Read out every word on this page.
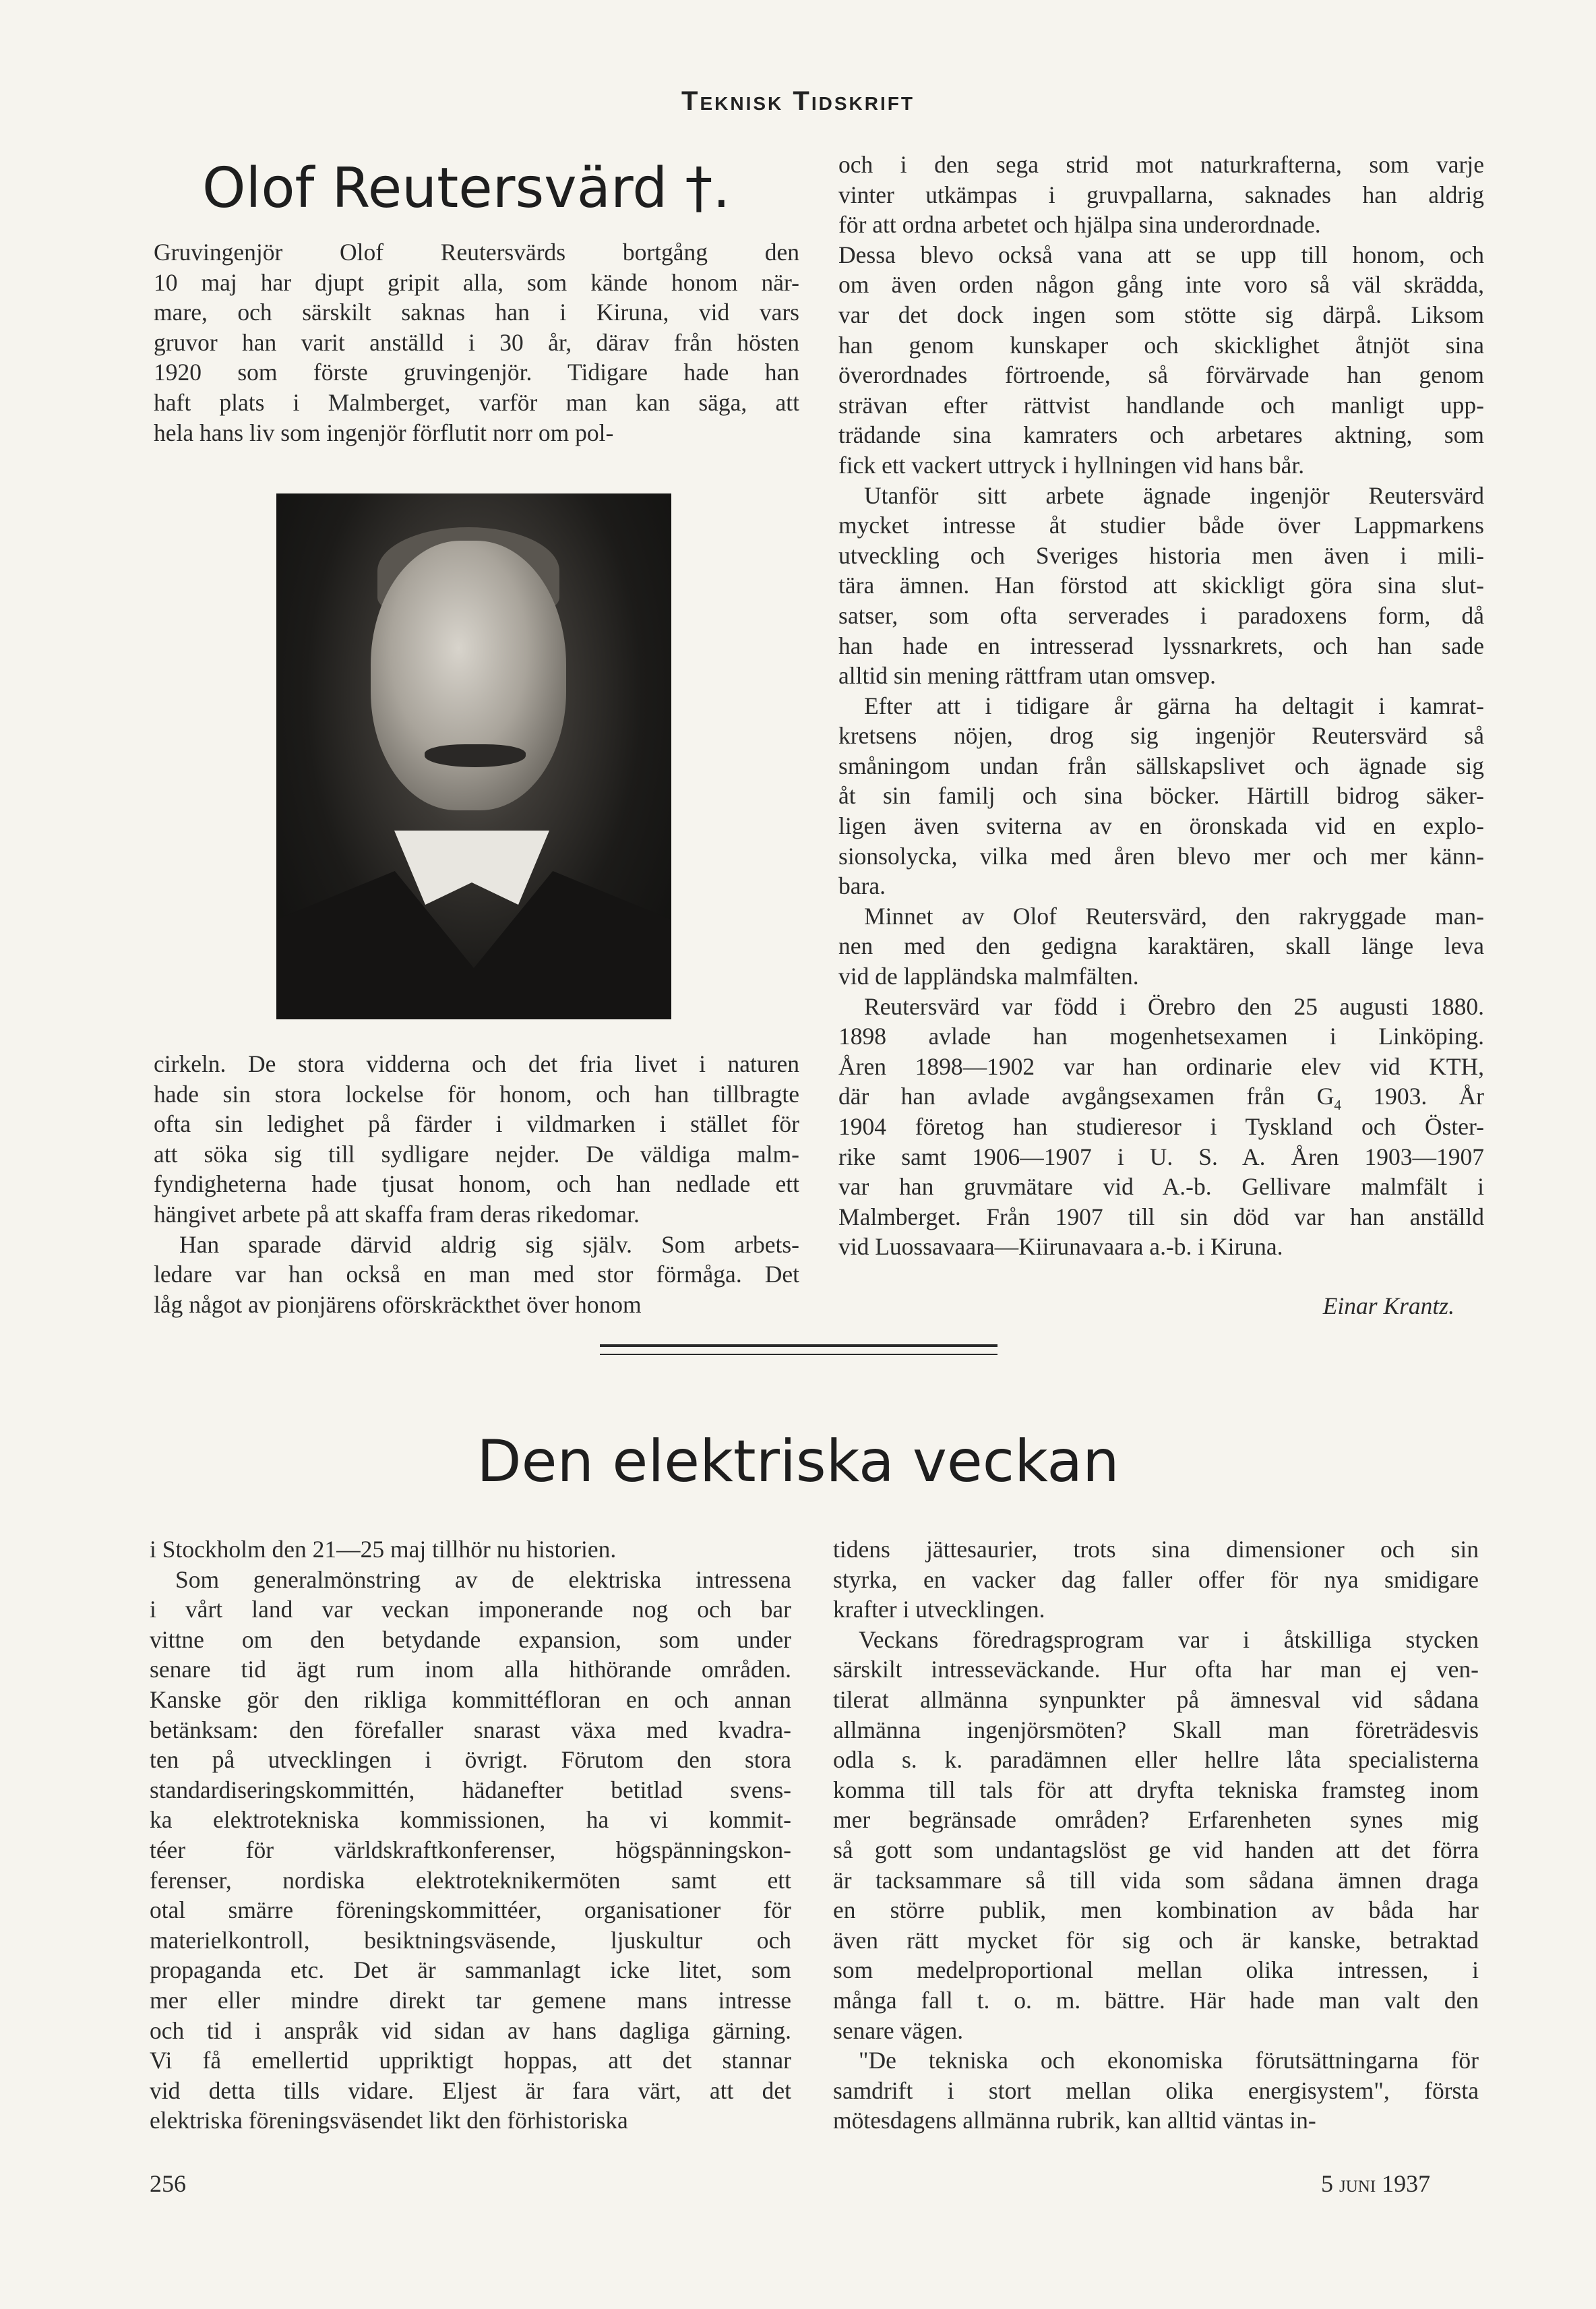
Teknisk Tidskrift
Olof Reutersvärd †.

Gruvingenjör Olof Reutersvärds bortgång den

10 maj har djupt gripit alla, som kände honom när-

mare, och särskilt saknas han i Kiruna, vid vars

gruvor han varit anställd i 30 år, därav från hösten

1920 som förste gruvingenjör. Tidigare hade han

haft plats i Malmberget, varför man kan säga, att

hela hans liv som ingenjör förflutit norr om pol-

cirkeln. De stora vidderna och det fria livet i naturen

hade sin stora lockelse för honom, och han tillbragte

ofta sin ledighet på färder i vildmarken i stället för

att söka sig till sydligare nejder. De väldiga malm-

fyndigheterna hade tjusat honom, och han nedlade ett

hängivet arbete på att skaffa fram deras rikedomar.

Han sparade därvid aldrig sig själv. Som arbets-

ledare var han också en man med stor förmåga. Det

låg något av pionjärens oförskräckthet över honom

och i den sega strid mot naturkrafterna, som varje

vinter utkämpas i gruvpallarna, saknades han aldrig

för att ordna arbetet och hjälpa sina underordnade.

Dessa blevo också vana att se upp till honom, och

om även orden någon gång inte voro så väl skrädda,

var det dock ingen som stötte sig därpå. Liksom

han genom kunskaper och skicklighet åtnjöt sina

överordnades förtroende, så förvärvade han genom

strävan efter rättvist handlande och manligt upp-

trädande sina kamraters och arbetares aktning, som

fick ett vackert uttryck i hyllningen vid hans bår.

Utanför sitt arbete ägnade ingenjör Reutersvärd

mycket intresse åt studier både över Lappmarkens

utveckling och Sveriges historia men även i mili-

tära ämnen. Han förstod att skickligt göra sina slut-

satser, som ofta serverades i paradoxens form, då

han hade en intresserad lyssnarkrets, och han sade

alltid sin mening rättfram utan omsvep.

Efter att i tidigare år gärna ha deltagit i kamrat-

kretsens nöjen, drog sig ingenjör Reutersvärd så

småningom undan från sällskapslivet och ägnade sig

åt sin familj och sina böcker. Härtill bidrog säker-

ligen även sviterna av en öronskada vid en explo-

sionsolycka, vilka med åren blevo mer och mer känn-

bara.

Minnet av Olof Reutersvärd, den rakryggade man-

nen med den gedigna karaktären, skall länge leva

vid de lappländska malmfälten.

Reutersvärd var född i Örebro den 25 augusti 1880.

1898 avlade han mogenhetsexamen i Linköping.

Åren 1898—1902 var han ordinarie elev vid KTH,

där han avlade avgångsexamen från $G_4$ 1903. År

1904 företog han studieresor i Tyskland och Öster-

rike samt 1906—1907 i U. S. A. Åren 1903—1907

var han gruvmätare vid A.-b. Gellivare malmfält i

Malmberget. Från 1907 till sin död var han anställd

vid Luossavaara—Kiirunavaara a.-b. i Kiruna.

Einar Krantz.
Den elektriska veckan

i Stockholm den 21—25 maj tillhör nu historien.

Som generalmönstring av de elektriska intressena

i vårt land var veckan imponerande nog och bar

vittne om den betydande expansion, som under

senare tid ägt rum inom alla hithörande områden.

Kanske gör den rikliga kommittéfloran en och annan

betänksam: den förefaller snarast växa med kvadra-

ten på utvecklingen i övrigt. Förutom den stora

standardiseringskommittén, hädanefter betitlad svens-

ka elektrotekniska kommissionen, ha vi kommit-

téer för världskraftkonferenser, högspänningskon-

ferenser, nordiska elektroteknikermöten samt ett

otal smärre föreningskommittéer, organisationer för

materielkontroll, besiktningsväsende, ljuskultur och

propaganda etc. Det är sammanlagt icke litet, som

mer eller mindre direkt tar gemene mans intresse

och tid i anspråk vid sidan av hans dagliga gärning.

Vi få emellertid uppriktigt hoppas, att det stannar

vid detta tills vidare. Eljest är fara värt, att det

elektriska föreningsväsendet likt den förhistoriska

tidens jättesaurier, trots sina dimensioner och sin

styrka, en vacker dag faller offer för nya smidigare

krafter i utvecklingen.

Veckans föredragsprogram var i åtskilliga stycken

särskilt intresseväckande. Hur ofta har man ej ven-

tilerat allmänna synpunkter på ämnesval vid sådana

allmänna ingenjörsmöten? Skall man företrädesvis

odla s. k. paradämnen eller hellre låta specialisterna

komma till tals för att dryfta tekniska framsteg inom

mer begränsade områden? Erfarenheten synes mig

så gott som undantagslöst ge vid handen att det förra

är tacksammare så till vida som sådana ämnen draga

en större publik, men kombination av båda har

även rätt mycket för sig och är kanske, betraktad

som medelproportional mellan olika intressen, i

många fall t. o. m. bättre. Här hade man valt den

senare vägen.

"De tekniska och ekonomiska förutsättningarna för

samdrift i stort mellan olika energisystem", första

mötesdagens allmänna rubrik, kan alltid väntas in-

256	5 juni 1937
